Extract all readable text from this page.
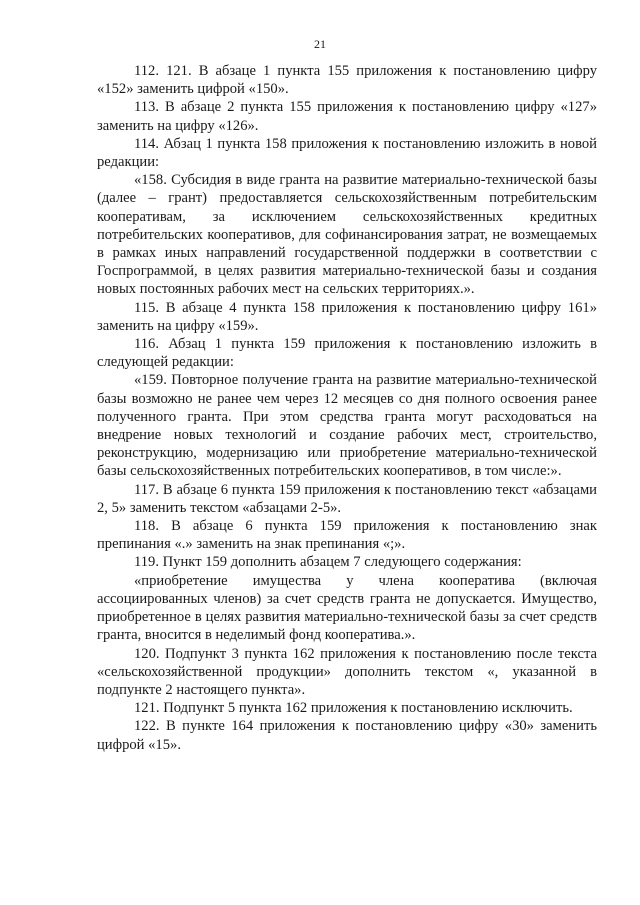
21

112. 121. В абзаце 1 пункта 155 приложения к постановлению цифру «152» заменить цифрой «150».

113. В абзаце 2 пункта 155 приложения к постановлению цифру «127» заменить на цифру «126».

114. Абзац 1 пункта 158 приложения к постановлению изложить в новой редакции:

«158. Субсидия в виде гранта на развитие материально-технической базы (далее – грант) предоставляется сельскохозяйственным потребительским кооперативам, за исключением сельскохозяйственных кредитных потребительских кооперативов, для софинансирования затрат, не возмещаемых в рамках иных направлений государственной поддержки в соответствии с Госпрограммой, в целях развития материально-технической базы и создания новых постоянных рабочих мест на сельских территориях.».

115. В абзаце 4 пункта 158 приложения к постановлению цифру 161» заменить на цифру «159».

116. Абзац 1 пункта 159 приложения к постановлению изложить в следующей редакции:

«159. Повторное получение гранта на развитие материально-технической базы возможно не ранее чем через 12 месяцев со дня полного освоения ранее полученного гранта. При этом средства гранта могут расходоваться на внедрение новых технологий и создание рабочих мест, строительство, реконструкцию, модернизацию или приобретение материально-технической базы сельскохозяйственных потребительских кооперативов, в том числе:».

117. В абзаце 6 пункта 159 приложения к постановлению текст «абзацами 2, 5» заменить текстом «абзацами 2-5».

118. В абзаце 6 пункта 159 приложения к постановлению знак препинания «.» заменить на знак препинания «;».

119. Пункт 159 дополнить абзацем 7 следующего содержания:

«приобретение имущества у члена кооператива (включая ассоциированных членов) за счет средств гранта не допускается. Имущество, приобретенное в целях развития материально-технической базы за счет средств гранта, вносится в неделимый фонд кооператива.».

120. Подпункт 3 пункта 162 приложения к постановлению после текста «сельскохозяйственной продукции» дополнить текстом «, указанной в подпункте 2 настоящего пункта».

121. Подпункт 5 пункта 162 приложения к постановлению исключить.

122. В пункте 164 приложения к постановлению цифру «30» заменить цифрой «15».
